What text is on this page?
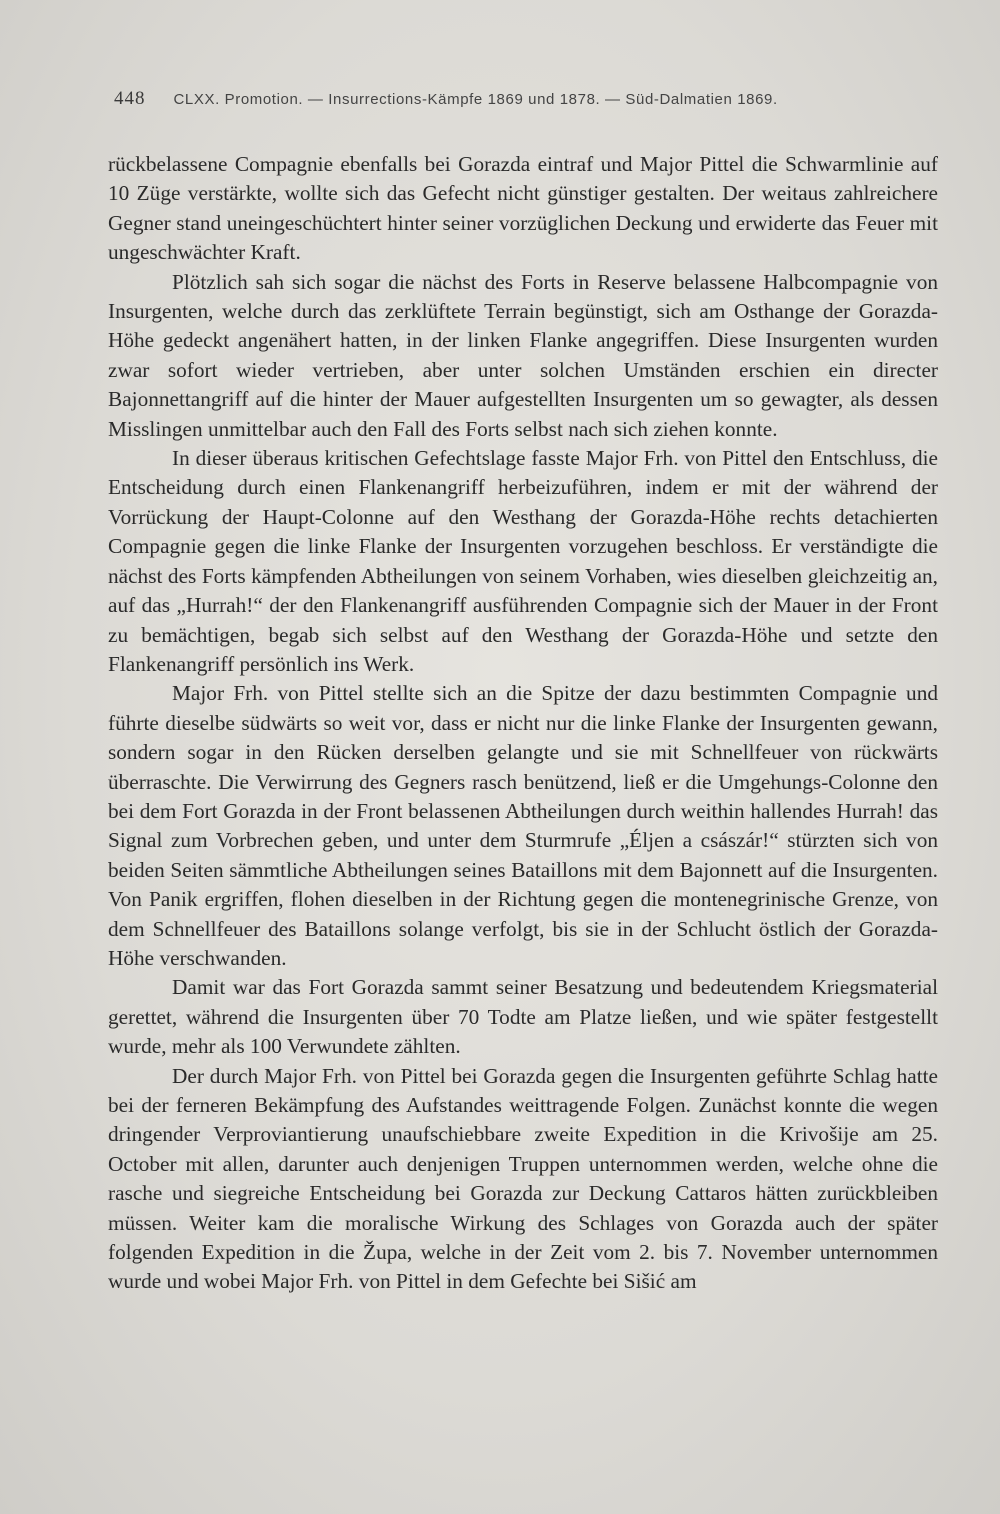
448 CLXX. Promotion. — Insurrections-Kämpfe 1869 und 1878. — Süd-Dalmatien 1869.

rückbelassene Compagnie ebenfalls bei Gorazda eintraf und Major Pittel die Schwarmlinie auf 10 Züge verstärkte, wollte sich das Gefecht nicht günstiger gestalten. Der weitaus zahlreichere Gegner stand uneingeschüchtert hinter seiner vorzüglichen Deckung und erwiderte das Feuer mit ungeschwächter Kraft.

Plötzlich sah sich sogar die nächst des Forts in Reserve belassene Halbcompagnie von Insurgenten, welche durch das zerklüftete Terrain begünstigt, sich am Osthange der Gorazda-Höhe gedeckt angenähert hatten, in der linken Flanke angegriffen. Diese Insurgenten wurden zwar sofort wieder vertrieben, aber unter solchen Umständen erschien ein directer Bajonnettangriff auf die hinter der Mauer aufgestellten Insurgenten um so gewagter, als dessen Misslingen unmittelbar auch den Fall des Forts selbst nach sich ziehen konnte.

In dieser überaus kritischen Gefechtslage fasste Major Frh. von Pittel den Entschluss, die Entscheidung durch einen Flankenangriff herbeizuführen, indem er mit der während der Vorrückung der Haupt-Colonne auf den Westhang der Gorazda-Höhe rechts detachierten Compagnie gegen die linke Flanke der Insurgenten vorzugehen beschloss. Er verständigte die nächst des Forts kämpfenden Abtheilungen von seinem Vorhaben, wies dieselben gleichzeitig an, auf das „Hurrah!“ der den Flankenangriff ausführenden Compagnie sich der Mauer in der Front zu bemächtigen, begab sich selbst auf den Westhang der Gorazda-Höhe und setzte den Flankenangriff persönlich ins Werk.

Major Frh. von Pittel stellte sich an die Spitze der dazu bestimmten Compagnie und führte dieselbe südwärts so weit vor, dass er nicht nur die linke Flanke der Insurgenten gewann, sondern sogar in den Rücken derselben gelangte und sie mit Schnellfeuer von rückwärts überraschte. Die Verwirrung des Gegners rasch benützend, ließ er die Umgehungs-Colonne den bei dem Fort Gorazda in der Front belassenen Abtheilungen durch weithin hallendes Hurrah! das Signal zum Vorbrechen geben, und unter dem Sturmrufe „Éljen a császár!“ stürzten sich von beiden Seiten sämmtliche Abtheilungen seines Bataillons mit dem Bajonnett auf die Insurgenten. Von Panik ergriffen, flohen dieselben in der Richtung gegen die montenegrinische Grenze, von dem Schnellfeuer des Bataillons solange verfolgt, bis sie in der Schlucht östlich der Gorazda-Höhe verschwanden.

Damit war das Fort Gorazda sammt seiner Besatzung und bedeutendem Kriegsmaterial gerettet, während die Insurgenten über 70 Todte am Platze ließen, und wie später festgestellt wurde, mehr als 100 Verwundete zählten.

Der durch Major Frh. von Pittel bei Gorazda gegen die Insurgenten geführte Schlag hatte bei der ferneren Bekämpfung des Aufstandes weittragende Folgen. Zunächst konnte die wegen dringender Verproviantierung unaufschiebbare zweite Expedition in die Krivošije am 25. October mit allen, darunter auch denjenigen Truppen unternommen werden, welche ohne die rasche und siegreiche Entscheidung bei Gorazda zur Deckung Cattaros hätten zurückbleiben müssen. Weiter kam die moralische Wirkung des Schlages von Gorazda auch der später folgenden Expedition in die Župa, welche in der Zeit vom 2. bis 7. November unternommen wurde und wobei Major Frh. von Pittel in dem Gefechte bei Sišić am
